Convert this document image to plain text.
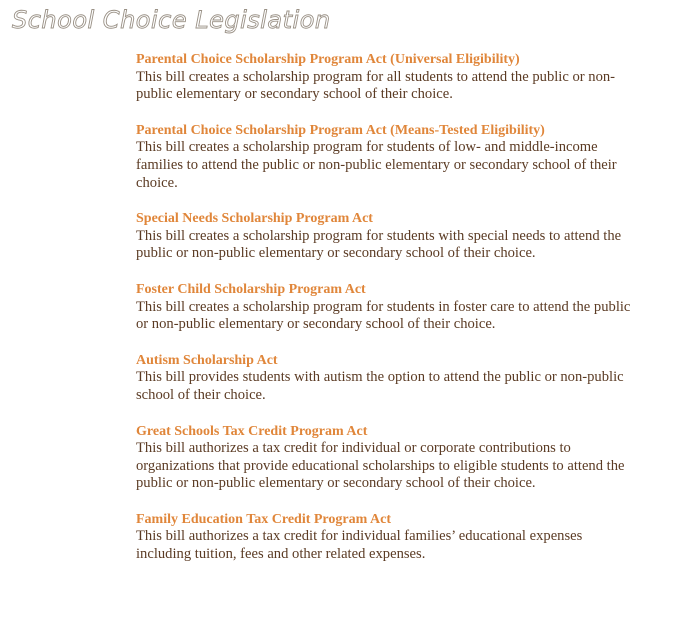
School Choice Legislation

Parental Choice Scholarship Program Act (Universal Eligibility)

This bill creates a scholarship program for all students to attend the public or non-public elementary or secondary school of their choice.

Parental Choice Scholarship Program Act (Means-Tested Eligibility)

This bill creates a scholarship program for students of low- and middle-income families to attend the public or non-public elementary or secondary school of their choice.

Special Needs Scholarship Program Act

This bill creates a scholarship program for students with special needs to attend the public or non-public elementary or secondary school of their choice.

Foster Child Scholarship Program Act

This bill creates a scholarship program for students in foster care to attend the public or non-public elementary or secondary school of their choice.

Autism Scholarship Act

This bill provides students with autism the option to attend the public or non-public school of their choice.

Great Schools Tax Credit Program Act

This bill authorizes a tax credit for individual or corporate contributions to organizations that provide educational scholarships to eligible students to attend the public or non-public elementary or secondary school of their choice.

Family Education Tax Credit Program Act

This bill authorizes a tax credit for individual families’ educational expenses including tuition, fees and other related expenses.
